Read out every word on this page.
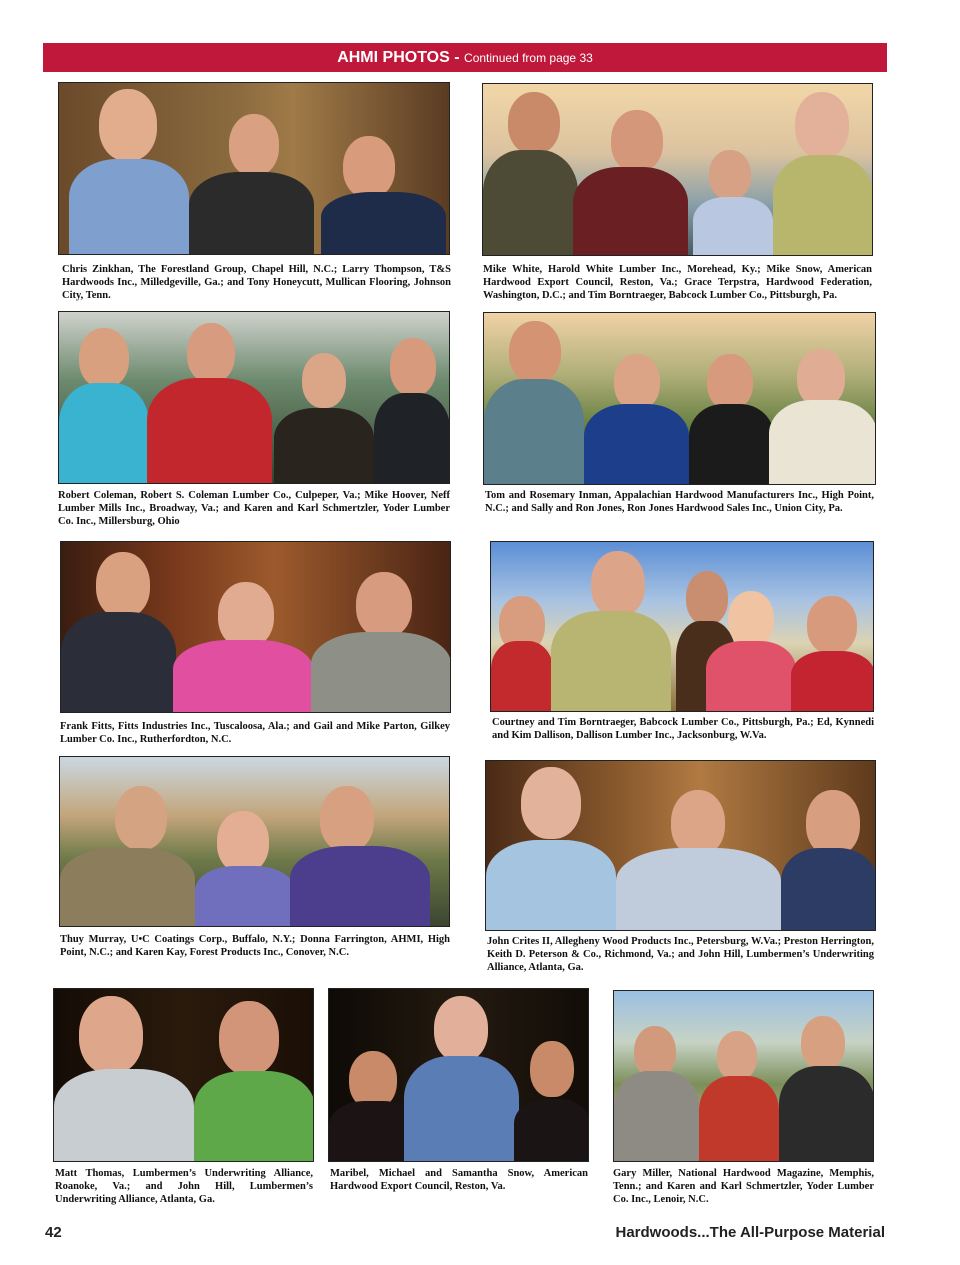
AHMI PHOTOS - Continued from page 33
Chris Zinkhan, The Forestland Group, Chapel Hill, N.C.; Larry Thompson, T&S Hardwoods Inc., Milledgeville, Ga.; and Tony Honeycutt, Mullican Flooring, Johnson City, Tenn.
Mike White, Harold White Lumber Inc., Morehead, Ky.; Mike Snow, American Hardwood Export Council, Reston, Va.; Grace Terpstra, Hardwood Federation, Washington, D.C.; and Tim Borntraeger, Babcock Lumber Co., Pittsburgh, Pa.
Robert Coleman, Robert S. Coleman Lumber Co., Culpeper, Va.; Mike Hoover, Neff Lumber Mills Inc., Broadway, Va.; and Karen and Karl Schmertzler, Yoder Lumber Co. Inc., Millersburg, Ohio
Tom and Rosemary Inman, Appalachian Hardwood Manufacturers Inc., High Point, N.C.; and Sally and Ron Jones, Ron Jones Hardwood Sales Inc., Union City, Pa.
Frank Fitts, Fitts Industries Inc., Tuscaloosa, Ala.; and Gail and Mike Parton, Gilkey Lumber Co. Inc., Rutherfordton, N.C.
Courtney and Tim Borntraeger, Babcock Lumber Co., Pittsburgh, Pa.; Ed, Kynnedi and Kim Dallison, Dallison Lumber Inc., Jacksonburg, W.Va.
Thuy Murray, U•C Coatings Corp., Buffalo, N.Y.; Donna Farrington, AHMI, High Point, N.C.; and Karen Kay, Forest Products Inc., Conover, N.C.
John Crites II, Allegheny Wood Products Inc., Petersburg, W.Va.; Preston Herrington, Keith D. Peterson & Co., Richmond, Va.; and John Hill, Lumbermen’s Underwriting Alliance, Atlanta, Ga.
Matt Thomas, Lumbermen’s Underwriting Alliance, Roanoke, Va.; and John Hill, Lumbermen’s Underwriting Alliance, Atlanta, Ga.
Maribel, Michael and Samantha Snow, American Hardwood Export Council, Reston, Va.
Gary Miller, National Hardwood Magazine, Memphis, Tenn.; and Karen and Karl Schmertzler, Yoder Lumber Co. Inc., Lenoir, N.C.
42	Hardwoods...The All-Purpose Material
